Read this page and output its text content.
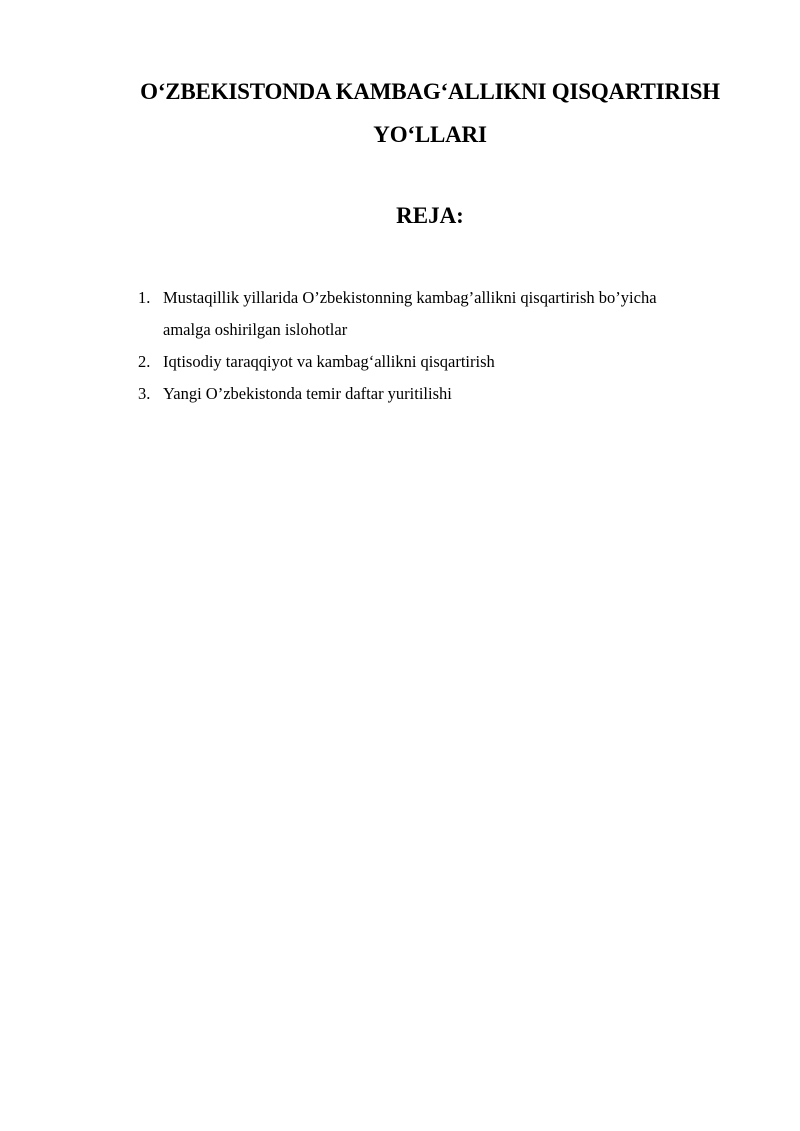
O‘ZBEKISTONDA KAMBAG‘ALLIKNI QISQARTIRISH
YO‘LLARI
REJA:
1. Mustaqillik yillarida O’zbekistonning kambag’allikni qisqartirish bo’yicha
amalga oshirilgan islohotlar
2. Iqtisodiy taraqqiyot va kambag‘allikni qisqartirish
3. Yangi O’zbekistonda temir daftar yuritilishi
